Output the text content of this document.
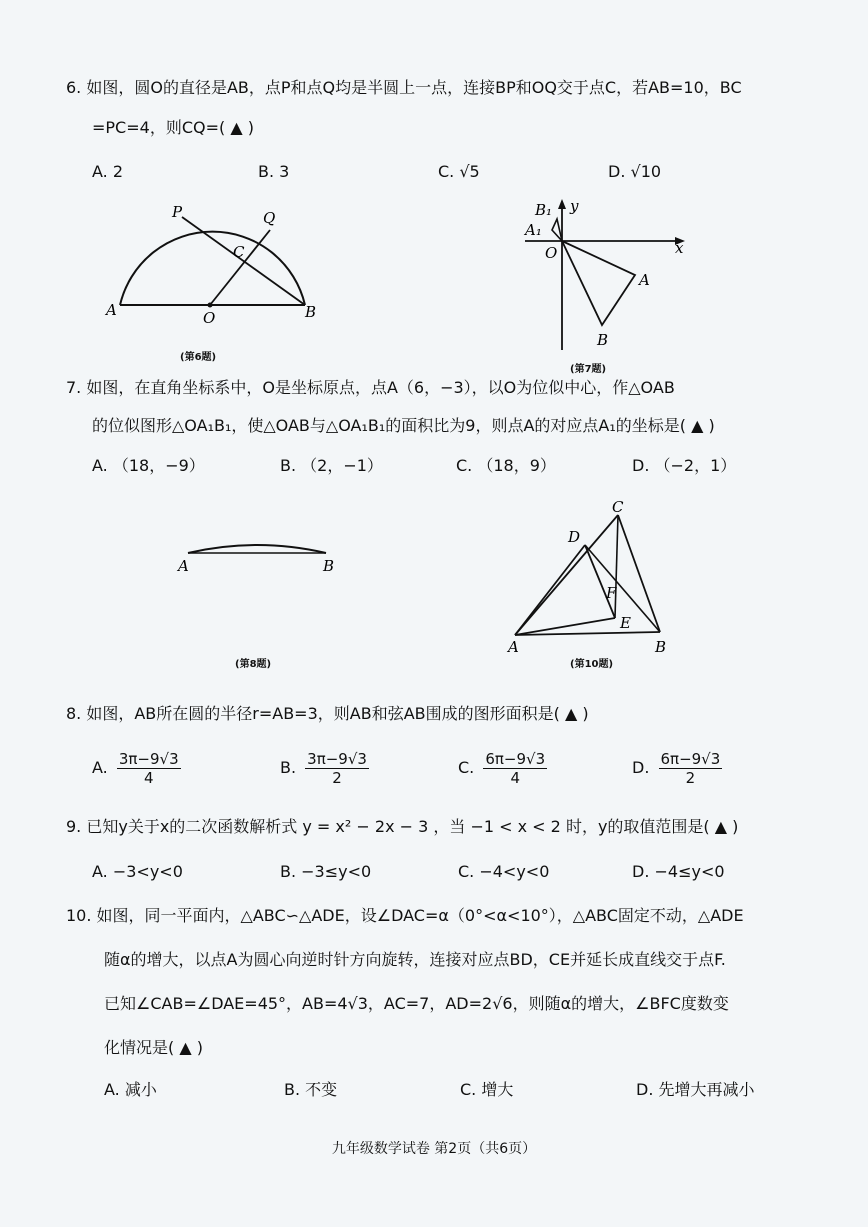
6. 如图，圆O的直径是AB，点P和点Q均是半圆上一点，连接BP和OQ交于点C，若AB=10，BC
=PC=4，则CQ=( ▲ )
A. 2	B. 3	C. √5	D. √10
P	Q
C
A	O	B
(第6题)
B₁
A₁
y
x
O
A
B
(第7题)
7. 如图，在直角坐标系中，O是坐标原点，点A（6，−3），以O为位似中心，作△OAB
的位似图形△OA₁B₁，使△OAB与△OA₁B₁的面积比为9，则点A的对应点A₁的坐标是( ▲ )
A. （18，−9）	B. （2，−1）	C. （18，9）	D. （−2，1）
A	B
(第8题)
C
D
F
E
A	B
(第10题)
8. 如图，AB所在圆的半径r=AB=3，则AB和弦AB围成的图形面积是( ▲ )
A. $\frac{3\pi-9√3}{4}$	B. $\frac{3\pi-9√3}{2}$	C. $\frac{6\pi-9√3}{4}$	D. $\frac{6\pi-9√3}{2}$
9. 已知y关于x的二次函数解析式 y = x² − 2x − 3 ，当 −1 < x < 2 时，y的取值范围是( ▲ )
A. −3<y<0	B. −3≤y<0	C. −4<y<0	D. −4≤y<0
10. 如图，同一平面内，△ABC∽△ADE，设∠DAC=α（0°<α<10°），△ABC固定不动，△ADE
随α的增大，以点A为圆心向逆时针方向旋转，连接对应点BD，CE并延长成直线交于点F.
已知∠CAB=∠DAE=45°，AB=4√3，AC=7，AD=2√6，则随α的增大，∠BFC度数变
化情况是( ▲ )
A. 减小	B. 不变	C. 增大	D. 先增大再减小
九年级数学试卷 第2页（共6页）
